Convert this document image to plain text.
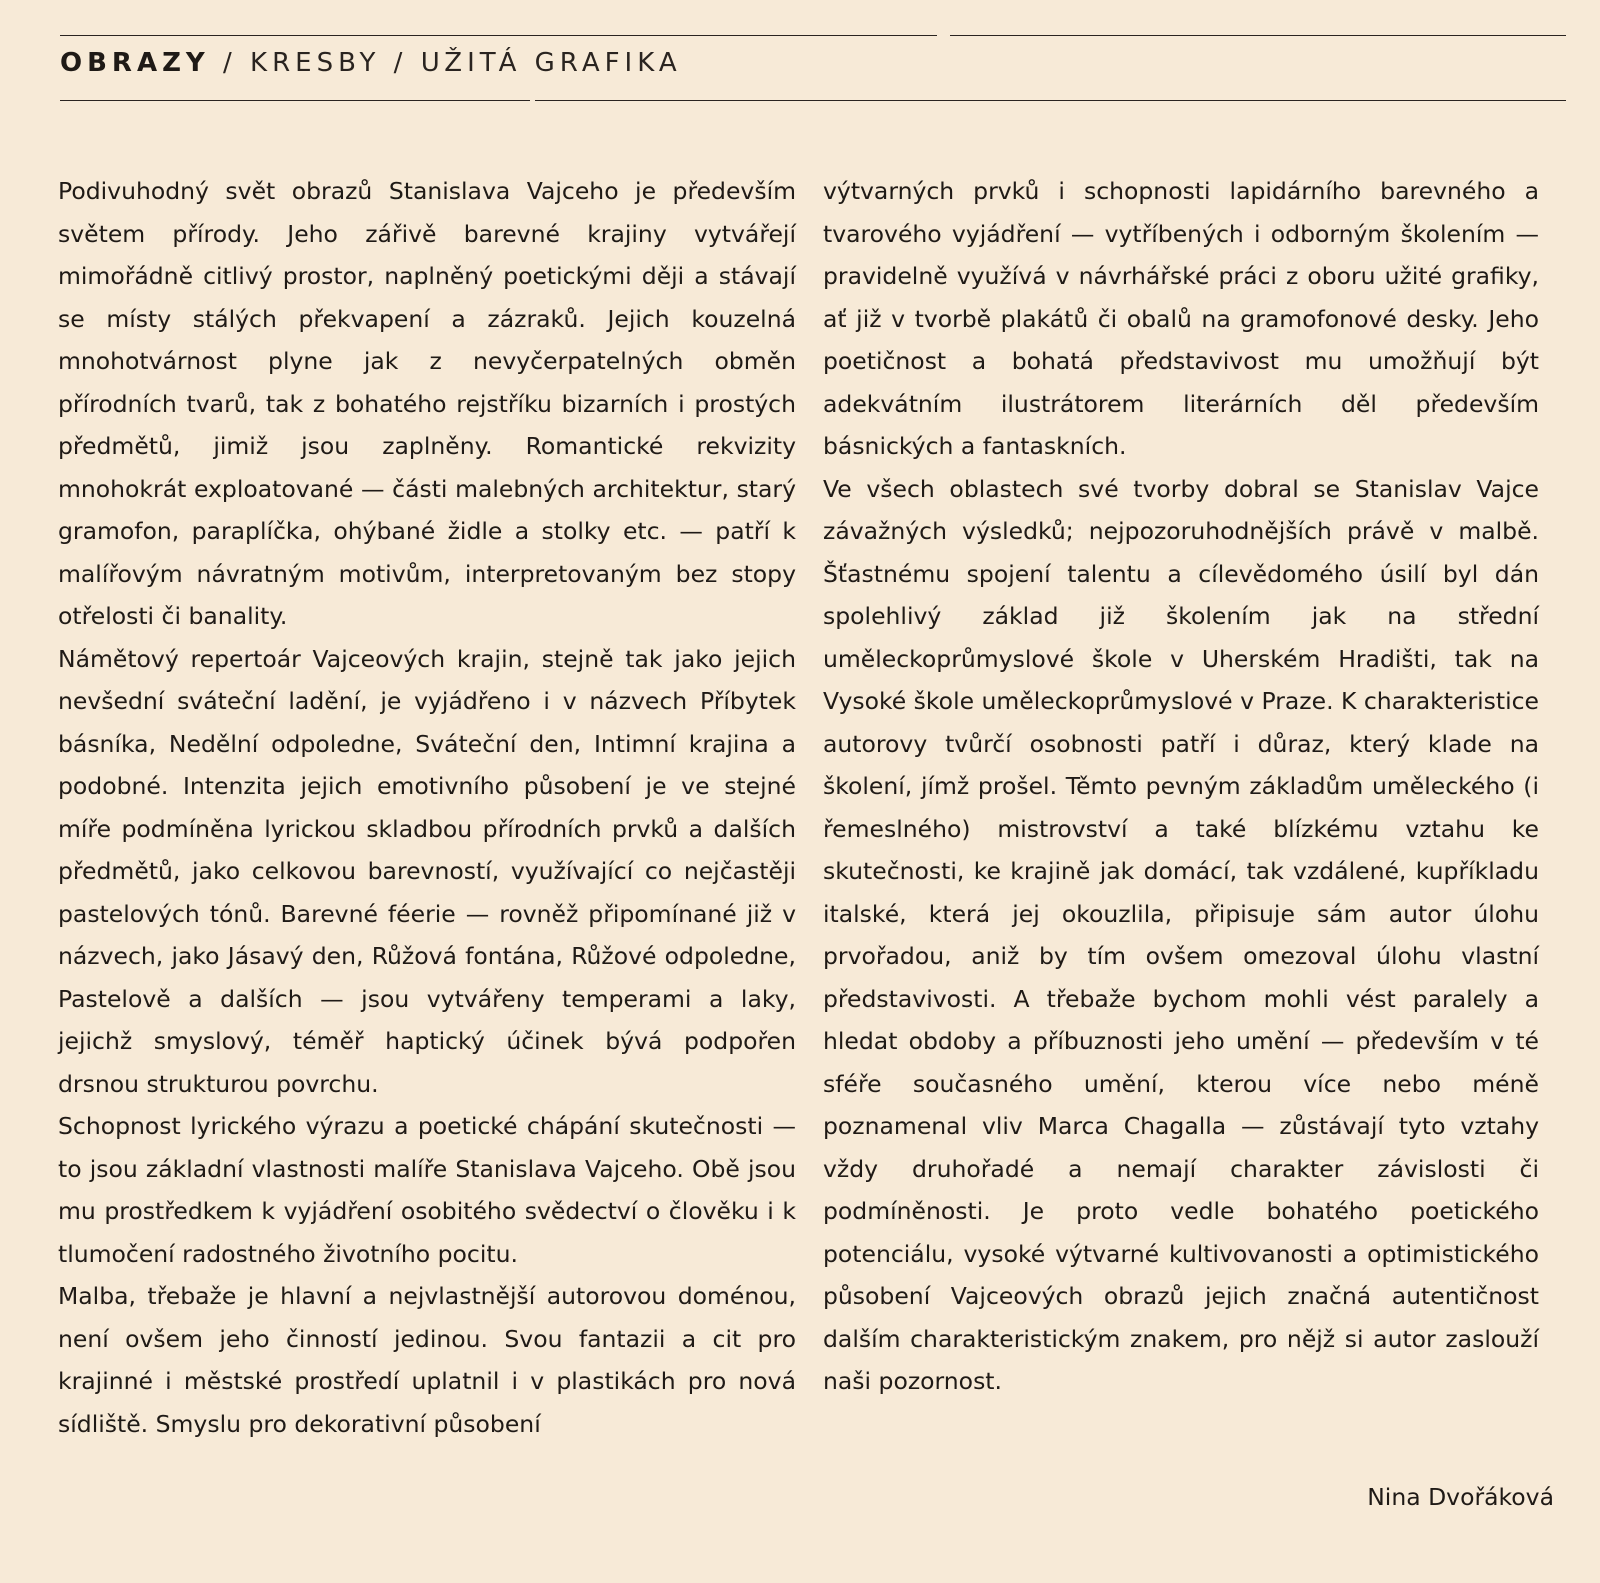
OBRAZY / KRESBY / UŽITÁ GRAFIKA

Podivuhodný svět obrazů Stanislava Vajceho je především světem přírody. Jeho zářivě barevné krajiny vytvářejí mimořádně citlivý prostor, naplněný poetickými ději a stávají se místy stálých překvapení a zázraků. Jejich kouzelná mnohotvárnost plyne jak z nevyčerpatelných obměn přírodních tvarů, tak z bohatého rejstříku bizarních i prostých předmětů, jimiž jsou zaplněny. Romantické rekvizity mnohokrát exploatované — části malebných architektur, starý gramofon, paraplíčka, ohýbané židle a stolky etc. — patří k malířovým návratným motivům, interpretovaným bez stopy otřelosti či banality.

Námětový repertoár Vajceových krajin, stejně tak jako jejich nevšední sváteční ladění, je vyjádřeno i v názvech Příbytek básníka, Nedělní odpoledne, Sváteční den, Intimní krajina a podobné. Intenzita jejich emotivního působení je ve stejné míře podmíněna lyrickou skladbou přírodních prvků a dalších předmětů, jako celkovou barevností, využívající co nejčastěji pastelových tónů. Barevné féerie — rovněž připomínané již v názvech, jako Jásavý den, Růžová fontána, Růžové odpoledne, Pastelově a dalších — jsou vytvářeny temperami a laky, jejichž smyslový, téměř haptický účinek bývá podpořen drsnou strukturou povrchu.

Schopnost lyrického výrazu a poetické chápání skutečnosti — to jsou základní vlastnosti malíře Stanislava Vajceho. Obě jsou mu prostředkem k vyjádření osobitého svědectví o člověku i k tlumočení radostného životního pocitu.

Malba, třebaže je hlavní a nejvlastnější autorovou doménou, není ovšem jeho činností jedinou. Svou fantazii a cit pro krajinné i městské prostředí uplatnil i v plastikách pro nová sídliště. Smyslu pro dekorativní působení

výtvarných prvků i schopnosti lapidárního barevného a tvarového vyjádření — vytříbených i odborným školením — pravidelně využívá v návrhářské práci z oboru užité grafiky, ať již v tvorbě plakátů či obalů na gramofonové desky. Jeho poetičnost a bohatá představivost mu umožňují být adekvátním ilustrátorem literárních děl především básnických a fantaskních.

Ve všech oblastech své tvorby dobral se Stanislav Vajce závažných výsledků; nejpozoruhodnějších právě v malbě. Šťastnému spojení talentu a cílevědomého úsilí byl dán spolehlivý základ již školením jak na střední uměleckoprůmyslové škole v Uherském Hradišti, tak na Vysoké škole uměleckoprůmyslové v Praze. K charakteristice autorovy tvůrčí osobnosti patří i důraz, který klade na školení, jímž prošel. Těmto pevným základům uměleckého (i řemeslného) mistrovství a také blízkému vztahu ke skutečnosti, ke krajině jak domácí, tak vzdálené, kupříkladu italské, která jej okouzlila, připisuje sám autor úlohu prvořadou, aniž by tím ovšem omezoval úlohu vlastní představivosti. A třebaže bychom mohli vést paralely a hledat obdoby a příbuznosti jeho umění — především v té sféře současného umění, kterou více nebo méně poznamenal vliv Marca Chagalla — zůstávají tyto vztahy vždy druhořadé a nemají charakter závislosti či podmíněnosti. Je proto vedle bohatého poetického potenciálu, vysoké výtvarné kultivovanosti a optimistického působení Vajceových obrazů jejich značná autentičnost dalším charakteristickým znakem, pro nějž si autor zaslouží naši pozornost.

Nina Dvořáková
